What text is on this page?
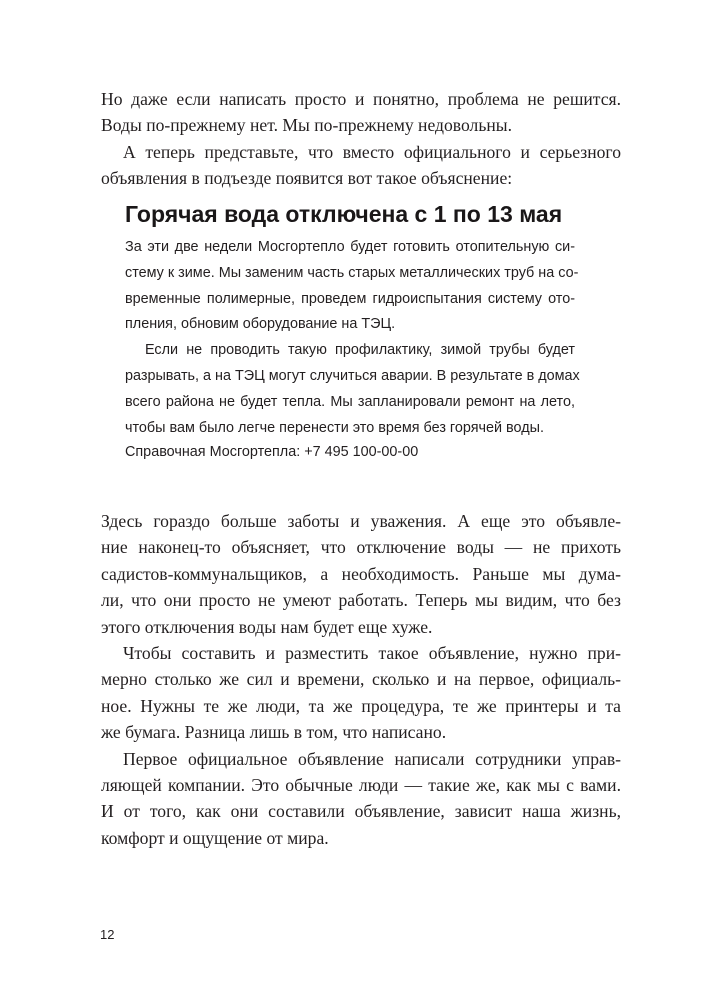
Но даже если написать просто и понятно, проблема не решится.
Воды по-прежнему нет. Мы по-прежнему недовольны.
А теперь представьте, что вместо официального и серьезного
объявления в подъезде появится вот такое объяснение:
Горячая вода отключена с 1 по 13 мая
За эти две недели Мосгортепло будет готовить отопительную си-
стему к зиме. Мы заменим часть старых металлических труб на со-
временные полимерные, проведем гидроиспытания систему ото-
пления, обновим оборудование на ТЭЦ.
Если не проводить такую профилактику, зимой трубы будет
разрывать, а на ТЭЦ могут случиться аварии. В результате в домах
всего района не будет тепла. Мы запланировали ремонт на лето,
чтобы вам было легче перенести это время без горячей воды.

Справочная Мосгортепла: +7 495 100-00-00

Здесь гораздо больше заботы и уважения. А еще это объявле-
ние наконец-то объясняет, что отключение воды — не прихоть
садистов-коммунальщиков, а необходимость. Раньше мы дума-
ли, что они просто не умеют работать. Теперь мы видим, что без
этого отключения воды нам будет еще хуже.
Чтобы составить и разместить такое объявление, нужно при-
мерно столько же сил и времени, сколько и на первое, официаль-
ное. Нужны те же люди, та же процедура, те же принтеры и та
же бумага. Разница лишь в том, что написано.
Первое официальное объявление написали сотрудники управ-
ляющей компании. Это обычные люди — такие же, как мы с вами.
И от того, как они составили объявление, зависит наша жизнь,
комфорт и ощущение от мира.
12
